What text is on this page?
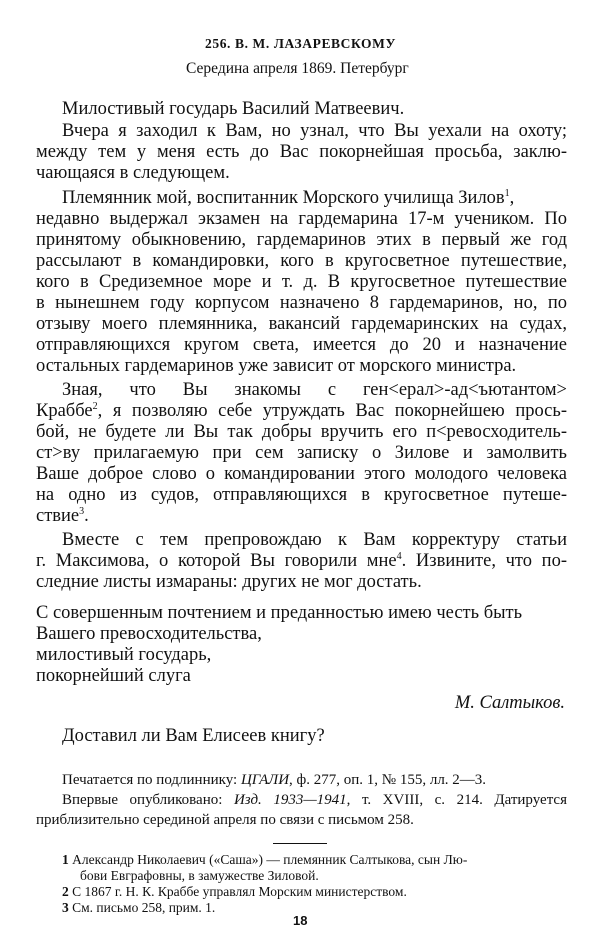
256. В. М. ЛАЗАРЕВСКОМУ
Середина апреля 1869. Петербург
Милостивый государь Василий Матвеевич.
Вчера я заходил к Вам, но узнал, что Вы уехали на охоту;
между тем у меня есть до Вас покорнейшая просьба, заклю-
чающаяся в следующем.
Племянник мой, воспитанник Морского училища Зилов$^1$,
недавно выдержал экзамен на гардемарина 17-м учеником. По
принятому обыкновению, гардемаринов этих в первый же год
рассылают в командировки, кого в кругосветное путешествие,
кого в Средиземное море и т. д. В кругосветное путешествие
в нынешнем году корпусом назначено 8 гардемаринов, но, по
отзыву моего племянника, вакансий гардемаринских на судах,
отправляющихся кругом света, имеется до 20 и назначение
остальных гардемаринов уже зависит от морского министра.
Зная, что Вы знакомы с ген<ерал>-ад<ъютантом>
Краббе$^2$, я позволяю себе утруждать Вас покорнейшею прось-
бой, не будете ли Вы так добры вручить его п<ревосходитель-
ст>ву прилагаемую при сем записку о Зилове и замолвить
Ваше доброе слово о командировании этого молодого человека
на одно из судов, отправляющихся в кругосветное путеше-
ствие$^3$.
Вместе с тем препровождаю к Вам корректуру статьи
г. Максимова, о которой Вы говорили мне$^4$. Извините, что по-
следние листы измараны: других не мог достать.
С совершенным почтением и преданностью имею честь быть
Вашего превосходительства,
милостивый государь,
покорнейший слуга
М. Салтыков.
Доставил ли Вам Елисеев книгу?
Печатается по подлиннику: ЦГАЛИ, ф. 277, оп. 1, № 155, лл. 2—3.
Впервые опубликовано: Изд. 1933—1941, т. XVIII, с. 214. Датируется
приблизительно серединой апреля по связи с письмом 258.
1 Александр Николаевич («Саша») — племянник Салтыкова, сын Лю-
бови Евграфовны, в замужестве Зиловой.
2 С 1867 г. Н. К. Краббе управлял Морским министерством.
3 См. письмо 258, прим. 1.
18
